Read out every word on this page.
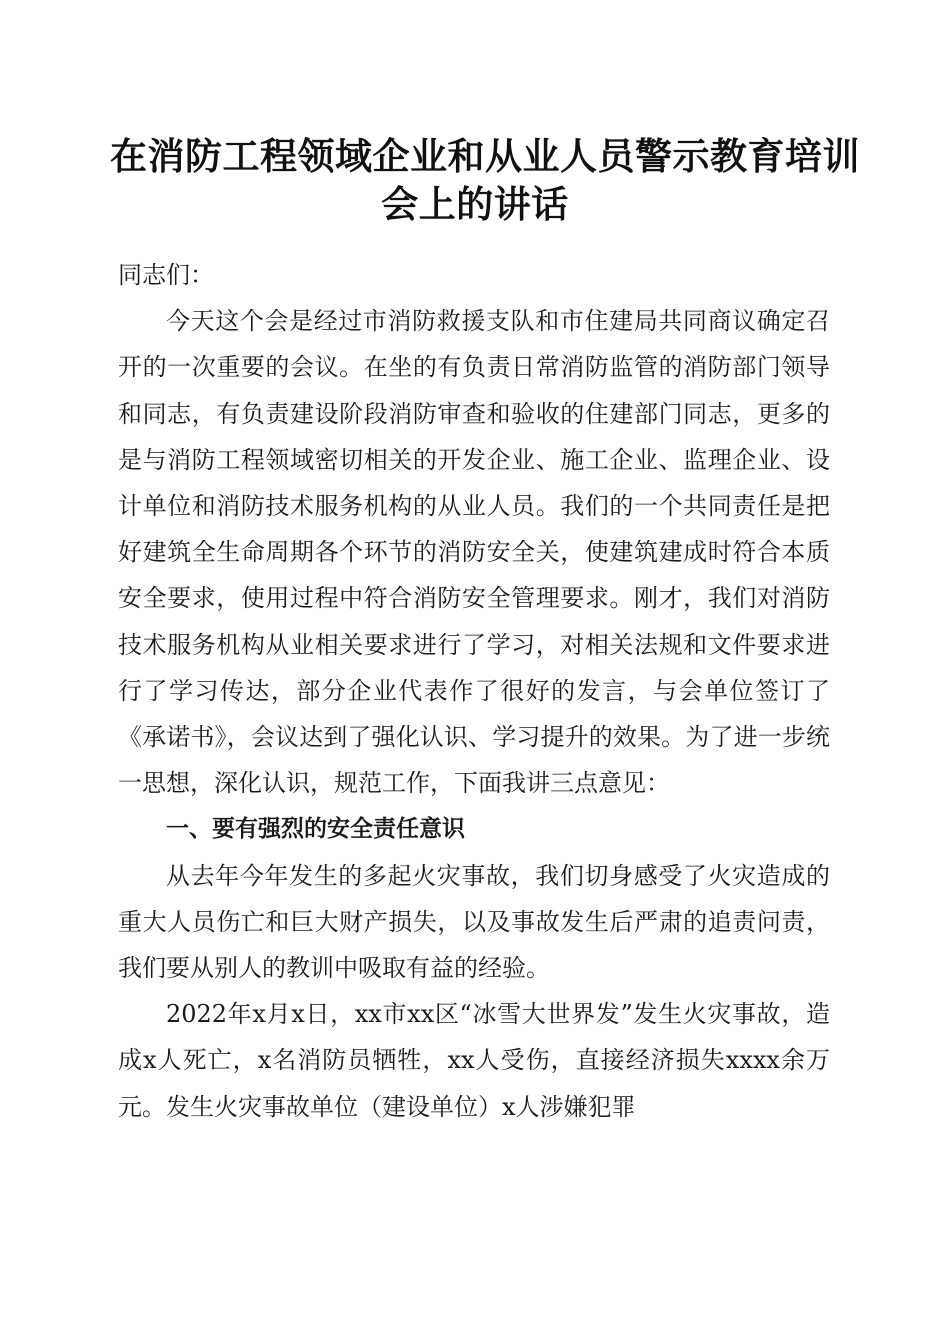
在消防工程领域企业和从业人员警示教育培训
会上的讲话

同志们：

今天这个会是经过市消防救援支队和市住建局共同商议确定召开的一次重要的会议。在坐的有负责日常消防监管的消防部门领导和同志，有负责建设阶段消防审查和验收的住建部门同志，更多的是与消防工程领域密切相关的开发企业、施工企业、监理企业、设计单位和消防技术服务机构的从业人员。我们的一个共同责任是把好建筑全生命周期各个环节的消防安全关，使建筑建成时符合本质安全要求，使用过程中符合消防安全管理要求。刚才，我们对消防技术服务机构从业相关要求进行了学习，对相关法规和文件要求进行了学习传达，部分企业代表作了很好的发言，与会单位签订了《承诺书》，会议达到了强化认识、学习提升的效果。为了进一步统一思想，深化认识，规范工作，下面我讲三点意见：

一、要有强烈的安全责任意识

从去年今年发生的多起火灾事故，我们切身感受了火灾造成的重大人员伤亡和巨大财产损失，以及事故发生后严肃的追责问责，我们要从别人的教训中吸取有益的经验。

2022年x月x日，xx市xx区“冰雪大世界发”发生火灾事故，造成x人死亡，x名消防员牺牲，xx人受伤，直接经济损失xxxx余万元。发生火灾事故单位（建设单位）x人涉嫌犯罪
